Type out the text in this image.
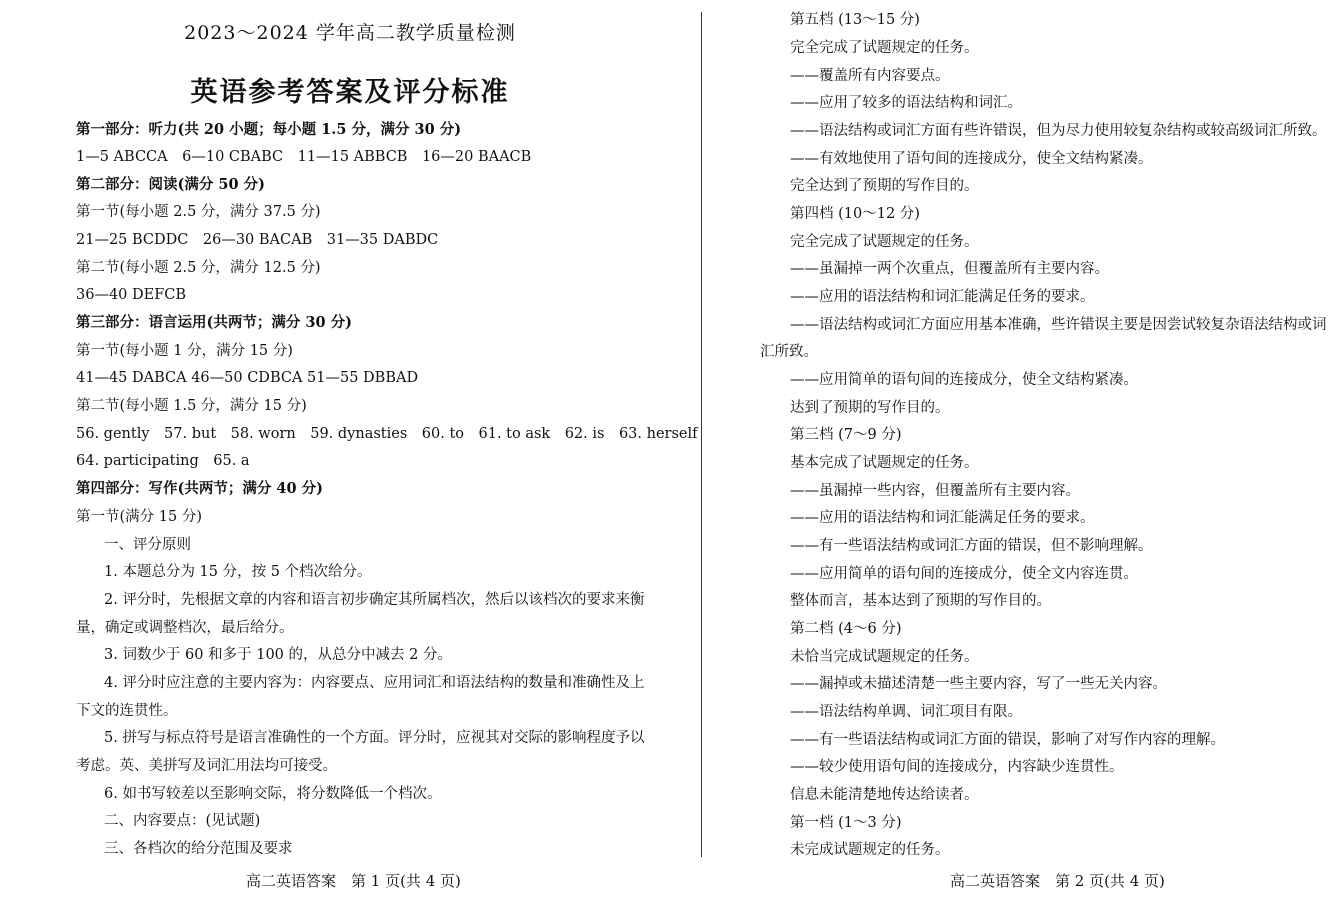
2023～2024 学年高二教学质量检测
英语参考答案及评分标准
第一部分：听力(共 20 小题；每小题 1.5 分，满分 30 分)
1—5 ABCCA　6—10 CBABC　11—15 ABBCB　16—20 BAACB
第二部分：阅读(满分 50 分)
第一节(每小题 2.5 分，满分 37.5 分)
21—25 BCDDC　26—30 BACAB　31—35 DABDC
第二节(每小题 2.5 分，满分 12.5 分)
36—40 DEFCB
第三部分：语言运用(共两节；满分 30 分)
第一节(每小题 1 分，满分 15 分)
41—45 DABCA 46—50 CDBCA 51—55 DBBAD
第二节(每小题 1.5 分，满分 15 分)
56. gently　57. but　58. worn　59. dynasties　60. to　61. to ask　62. is　63. herself
64. participating　65. a
第四部分：写作(共两节；满分 40 分)
第一节(满分 15 分)
一、评分原则
1. 本题总分为 15 分，按 5 个档次给分。
2. 评分时，先根据文章的内容和语言初步确定其所属档次，然后以该档次的要求来衡
量，确定或调整档次，最后给分。
3. 词数少于 60 和多于 100 的，从总分中减去 2 分。
4. 评分时应注意的主要内容为：内容要点、应用词汇和语法结构的数量和准确性及上
下文的连贯性。
5. 拼写与标点符号是语言准确性的一个方面。评分时，应视其对交际的影响程度予以
考虑。英、美拼写及词汇用法均可接受。
6. 如书写较差以至影响交际，将分数降低一个档次。
二、内容要点：(见试题)
三、各档次的给分范围及要求
高二英语答案　第 1 页(共 4 页)
第五档 (13～15 分)
完全完成了试题规定的任务。
——覆盖所有内容要点。
——应用了较多的语法结构和词汇。
——语法结构或词汇方面有些许错误，但为尽力使用较复杂结构或较高级词汇所致。
——有效地使用了语句间的连接成分，使全文结构紧凑。
完全达到了预期的写作目的。
第四档 (10～12 分)
完全完成了试题规定的任务。
——虽漏掉一两个次重点，但覆盖所有主要内容。
——应用的语法结构和词汇能满足任务的要求。
——语法结构或词汇方面应用基本准确，些许错误主要是因尝试较复杂语法结构或词
汇所致。
——应用简单的语句间的连接成分，使全文结构紧凑。
达到了预期的写作目的。
第三档 (7～9 分)
基本完成了试题规定的任务。
——虽漏掉一些内容，但覆盖所有主要内容。
——应用的语法结构和词汇能满足任务的要求。
——有一些语法结构或词汇方面的错误，但不影响理解。
——应用简单的语句间的连接成分，使全文内容连贯。
整体而言，基本达到了预期的写作目的。
第二档 (4～6 分)
未恰当完成试题规定的任务。
——漏掉或未描述清楚一些主要内容，写了一些无关内容。
——语法结构单调、词汇项目有限。
——有一些语法结构或词汇方面的错误，影响了对写作内容的理解。
——较少使用语句间的连接成分，内容缺少连贯性。
信息未能清楚地传达给读者。
第一档 (1～3 分)
未完成试题规定的任务。
高二英语答案　第 2 页(共 4 页)
